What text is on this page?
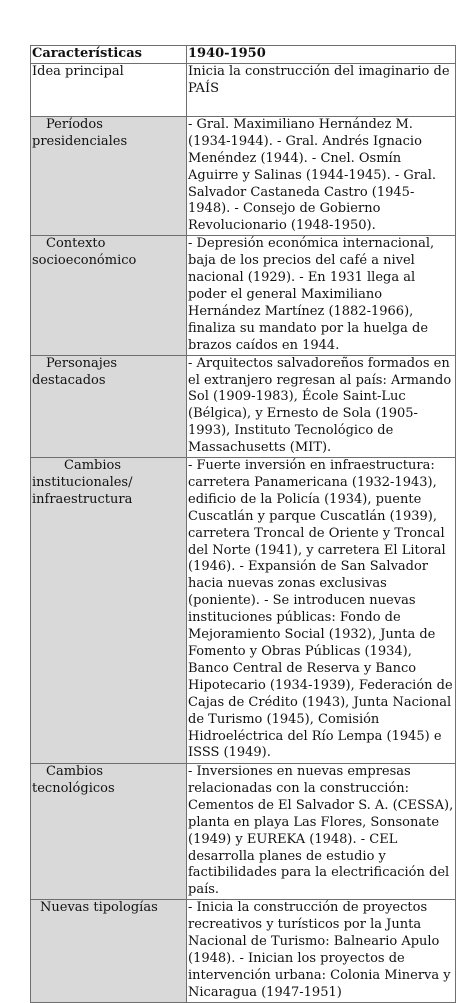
Características	1940-1950

Idea principal	Inicia la construcción del imaginario de PAÍS

Períodos
presidenciales	- Gral. Maximiliano Hernández M. (1934-1944). - Gral. Andrés Ignacio Menéndez (1944). - Cnel. Osmín Aguirre y Salinas (1944-1945). - Gral. Salvador Castaneda Castro (1945-1948). - Consejo de Gobierno Revolucionario (1948-1950).

Contexto
socioeconómico	- Depresión económica internacional, baja de los precios del café a nivel nacional (1929). - En 1931 llega al poder el general Maximiliano Hernández Martínez (1882-1966), finaliza su mandato por la huelga de brazos caídos en 1944.

Personajes
destacados	- Arquitectos salvadoreños formados en el extranjero regresan al país: Armando Sol (1909-1983), École Saint-Luc (Bélgica), y Ernesto de Sola (1905-1993), Instituto Tecnológico de Massachusetts (MIT).

Cambios
institucionales/ infraestructura	- Fuerte inversión en infraestructura: carretera Panamericana (1932-1943), edificio de la Policía (1934), puente Cuscatlán y parque Cuscatlán (1939), carretera Troncal de Oriente y Troncal del Norte (1941), y carretera El Litoral (1946). - Expansión de San Salvador hacia nuevas zonas exclusivas (poniente). - Se introducen nuevas instituciones públicas: Fondo de Mejoramiento Social (1932), Junta de Fomento y Obras Públicas (1934), Banco Central de Reserva y Banco Hipotecario (1934-1939), Federación de Cajas de Crédito (1943), Junta Nacional de Turismo (1945), Comisión Hidroeléctrica del Río Lempa (1945) e ISSS (1949).

Cambios
tecnológicos	- Inversiones en nuevas empresas relacionadas con la construcción: Cementos de El Salvador S. A. (CESSA), planta en playa Las Flores, Sonsonate (1949) y EUREKA (1948). - CEL desarrolla planes de estudio y factibilidades para la electrificación del país.

Nuevas tipologías	- Inicia la construcción de proyectos recreativos y turísticos por la Junta Nacional de Turismo: Balneario Apulo (1948). - Inician los proyectos de intervención urbana: Colonia Minerva y Nicaragua (1947-1951)
